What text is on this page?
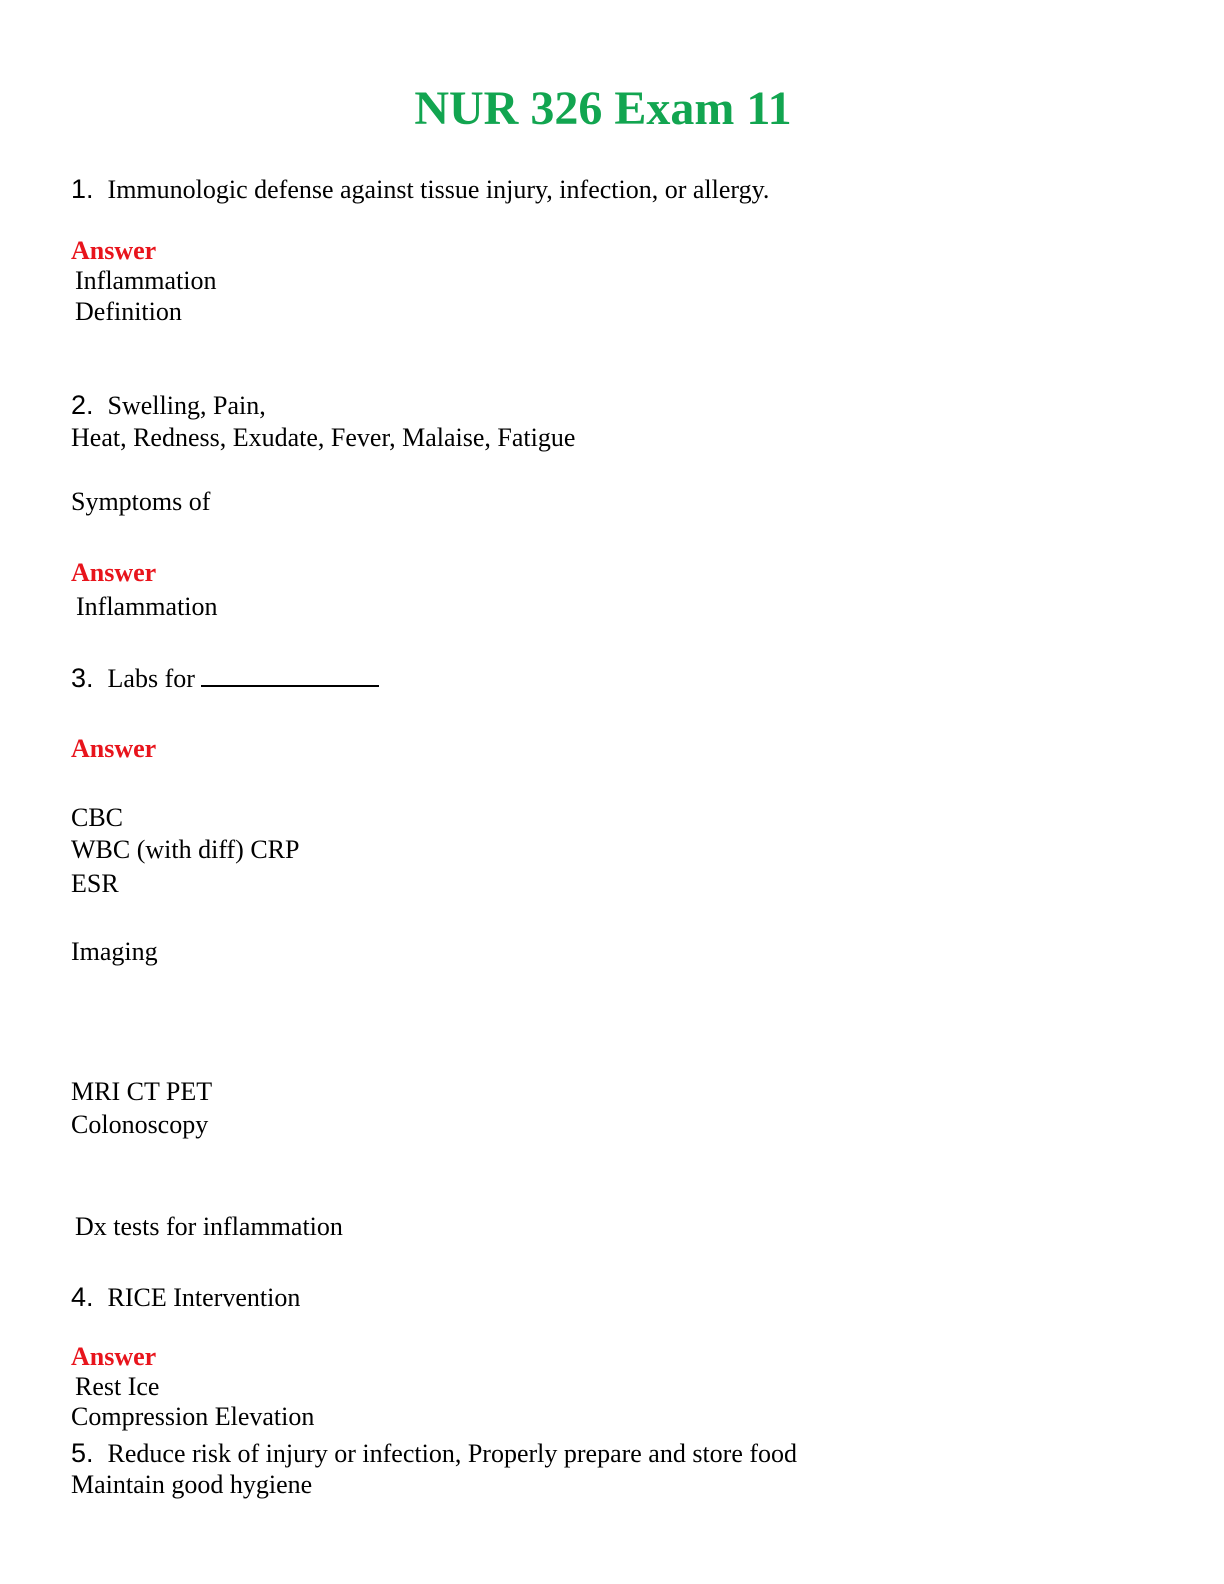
NUR 326 Exam 11
1. Immunologic defense against tissue injury, infection, or allergy.
Answer
Inflammation
Definition
2. Swelling, Pain,
Heat, Redness, Exudate, Fever, Malaise, Fatigue
Symptoms of
Answer
Inflammation
3. Labs for
Answer
CBC
WBC (with diff) CRP
ESR
Imaging
MRI CT PET
Colonoscopy
Dx tests for inflammation
4. RICE Intervention
Answer
Rest Ice
Compression Elevation
5. Reduce risk of injury or infection, Properly prepare and store food
Maintain good hygiene
